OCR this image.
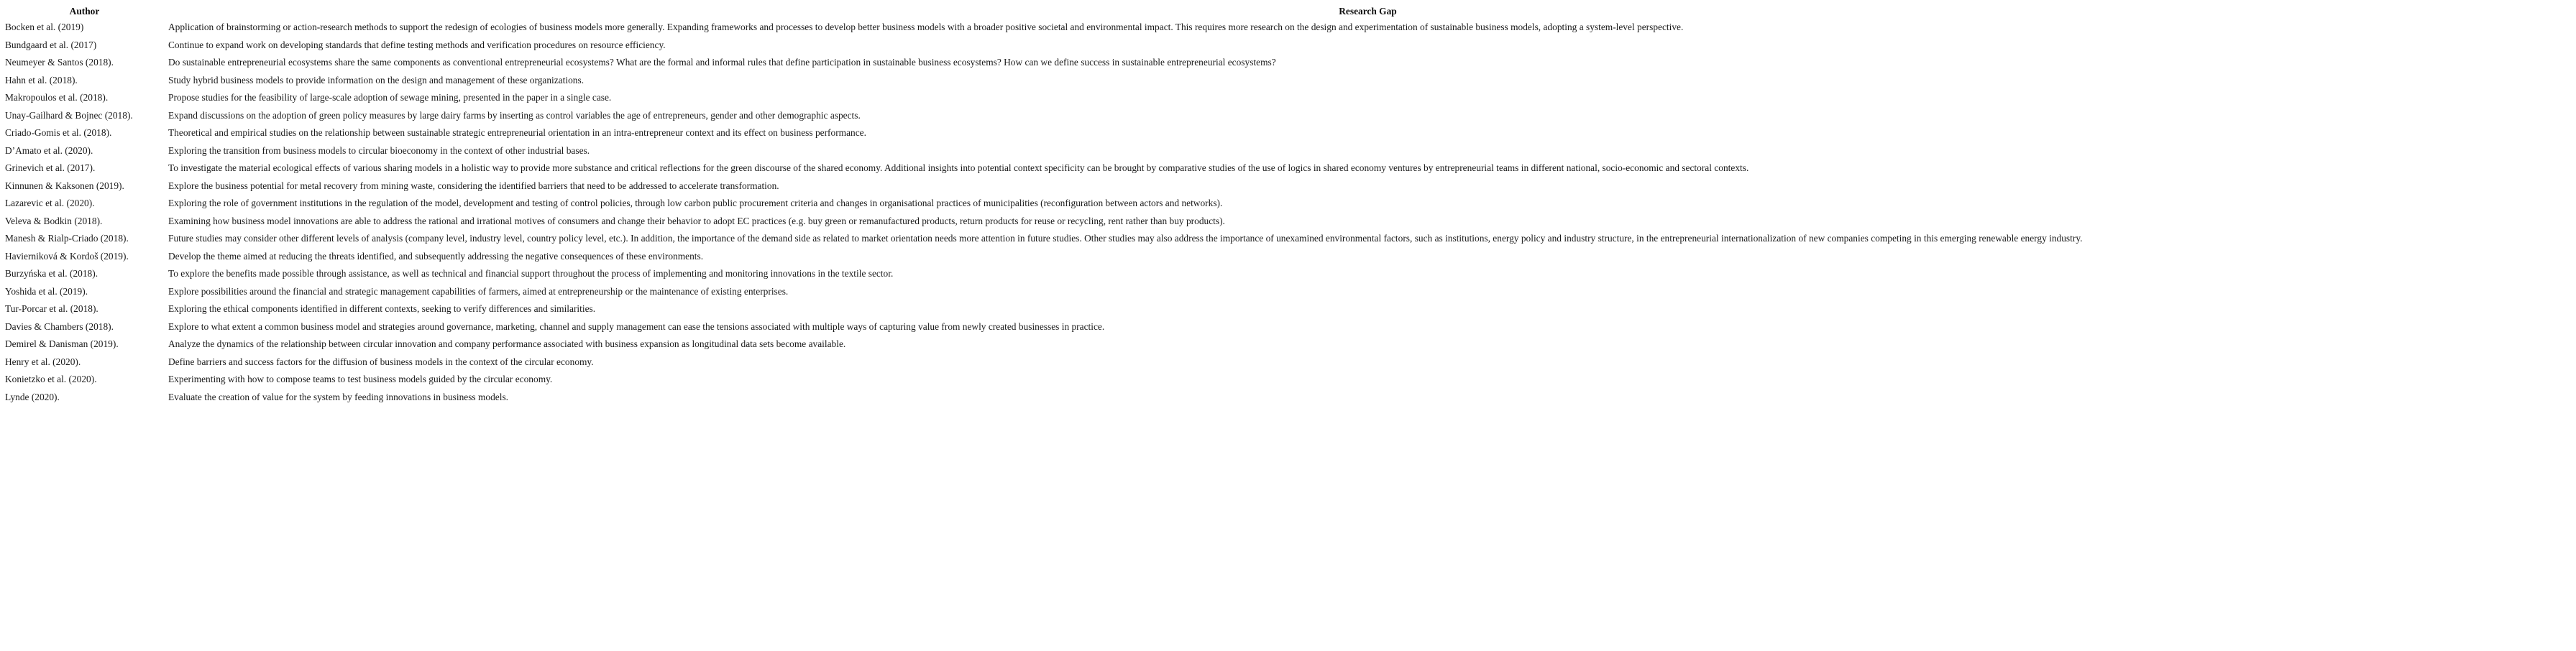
Author	Research Gap
Bocken et al. (2019)	Application of brainstorming or action-research methods to support the redesign of ecologies of business models more generally. Expanding frameworks and processes to develop better business models with a broader positive societal and environmental impact. This requires more research on the design and experimentation of sustainable business models, adopting a system-level perspective.
Bundgaard et al. (2017)	Continue to expand work on developing standards that define testing methods and verification procedures on resource efficiency.
Neumeyer & Santos (2018).	Do sustainable entrepreneurial ecosystems share the same components as conventional entrepreneurial ecosystems? What are the formal and informal rules that define participation in sustainable business ecosystems? How can we define success in sustainable entrepreneurial ecosystems?
Hahn et al. (2018).	Study hybrid business models to provide information on the design and management of these organizations.
Makropoulos et al. (2018).	Propose studies for the feasibility of large-scale adoption of sewage mining, presented in the paper in a single case.
Unay-Gailhard & Bojnec (2018).	Expand discussions on the adoption of green policy measures by large dairy farms by inserting as control variables the age of entrepreneurs, gender and other demographic aspects.
Criado-Gomis et al. (2018).	Theoretical and empirical studies on the relationship between sustainable strategic entrepreneurial orientation in an intra-entrepreneur context and its effect on business performance.
D’Amato et al. (2020).	Exploring the transition from business models to circular bioeconomy in the context of other industrial bases.
Grinevich et al. (2017).	To investigate the material ecological effects of various sharing models in a holistic way to provide more substance and critical reflections for the green discourse of the shared economy. Additional insights into potential context specificity can be brought by comparative studies of the use of logics in shared economy ventures by entrepreneurial teams in different national, socio-economic and sectoral contexts.
Kinnunen & Kaksonen (2019).	Explore the business potential for metal recovery from mining waste, considering the identified barriers that need to be addressed to accelerate transformation.
Lazarevic et al. (2020).	Exploring the role of government institutions in the regulation of the model, development and testing of control policies, through low carbon public procurement criteria and changes in organisational practices of municipalities (reconfiguration between actors and networks).
Veleva & Bodkin (2018).	Examining how business model innovations are able to address the rational and irrational motives of consumers and change their behavior to adopt EC practices (e.g. buy green or remanufactured products, return products for reuse or recycling, rent rather than buy products).
Manesh & Rialp-Criado (2018).	Future studies may consider other different levels of analysis (company level, industry level, country policy level, etc.). In addition, the importance of the demand side as related to market orientation needs more attention in future studies. Other studies may also address the importance of unexamined environmental factors, such as institutions, energy policy and industry structure, in the entrepreneurial internationalization of new companies competing in this emerging renewable energy industry.
Havierniková & Kordoš (2019).	Develop the theme aimed at reducing the threats identified, and subsequently addressing the negative consequences of these environments.
Burzyńska et al. (2018).	To explore the benefits made possible through assistance, as well as technical and financial support throughout the process of implementing and monitoring innovations in the textile sector.
Yoshida et al. (2019).	Explore possibilities around the financial and strategic management capabilities of farmers, aimed at entrepreneurship or the maintenance of existing enterprises.
Tur-Porcar et al. (2018).	Exploring the ethical components identified in different contexts, seeking to verify differences and similarities.
Davies & Chambers (2018).	Explore to what extent a common business model and strategies around governance, marketing, channel and supply management can ease the tensions associated with multiple ways of capturing value from newly created businesses in practice.
Demirel & Danisman (2019).	Analyze the dynamics of the relationship between circular innovation and company performance associated with business expansion as longitudinal data sets become available.
Henry et al. (2020).	Define barriers and success factors for the diffusion of business models in the context of the circular economy.
Konietzko et al. (2020).	Experimenting with how to compose teams to test business models guided by the circular economy.
Lynde (2020).	Evaluate the creation of value for the system by feeding innovations in business models.
